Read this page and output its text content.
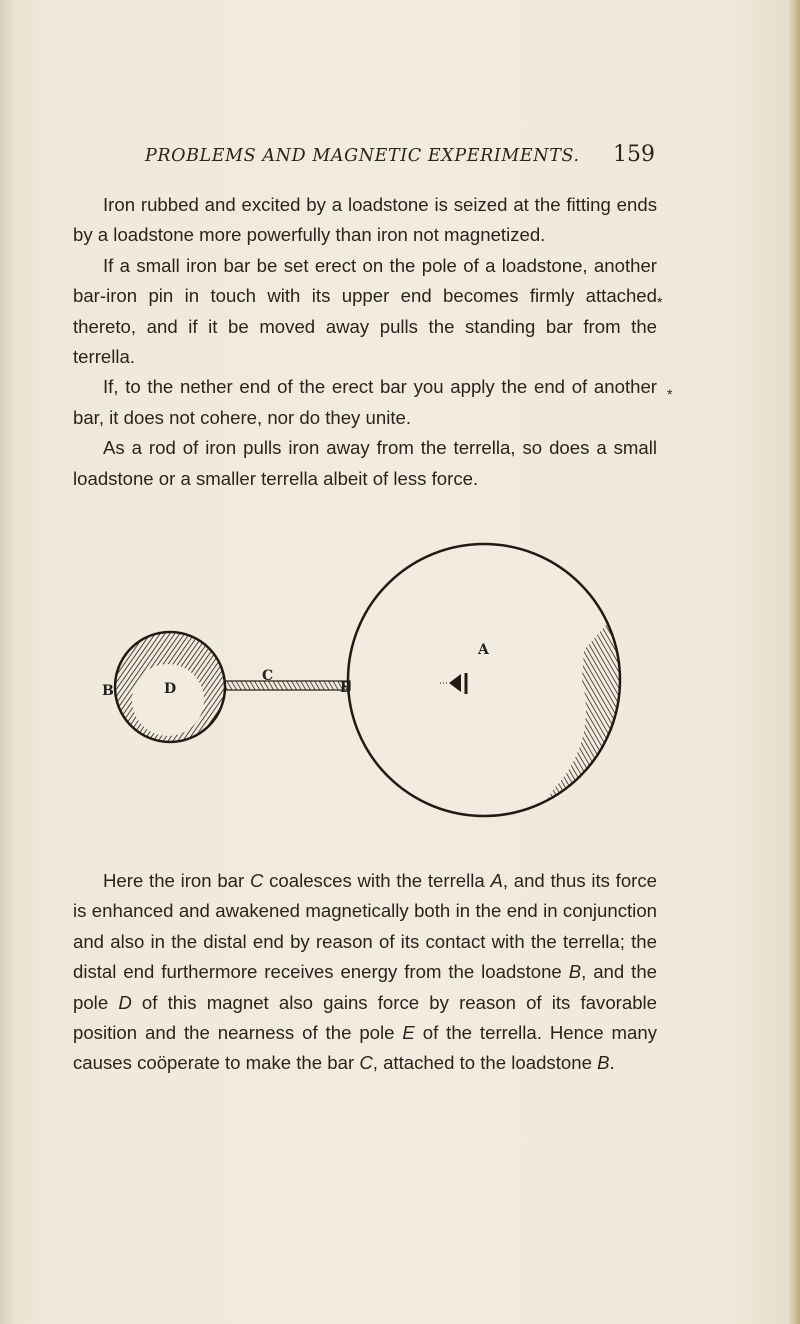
PROBLEMS AND MAGNETIC EXPERIMENTS. 159

Iron rubbed and excited by a loadstone is seized at the fitting ends by a loadstone more powerfully than iron not magnetized.

If a small iron bar be set erect on the pole of a loadstone, another bar-iron pin in touch with its upper end becomes firmly attached thereto, and if it be moved away pulls the standing bar from the terrella.

If, to the nether end of the erect bar you apply the end of another bar, it does not cohere, nor do they unite.

As a rod of iron pulls iron away from the terrella, so does a small loadstone or a smaller terrella albeit of less force.

*
*
B	D
C
A
E

Here the iron bar C coalesces with the terrella A, and thus its force is enhanced and awakened magnetically both in the end in conjunction and also in the distal end by reason of its contact with the terrella; the distal end furthermore receives energy from the loadstone B, and the pole D of this magnet also gains force by reason of its favorable position and the nearness of the pole E of the terrella. Hence many causes coöperate to make the bar C, attached to the loadstone B.
